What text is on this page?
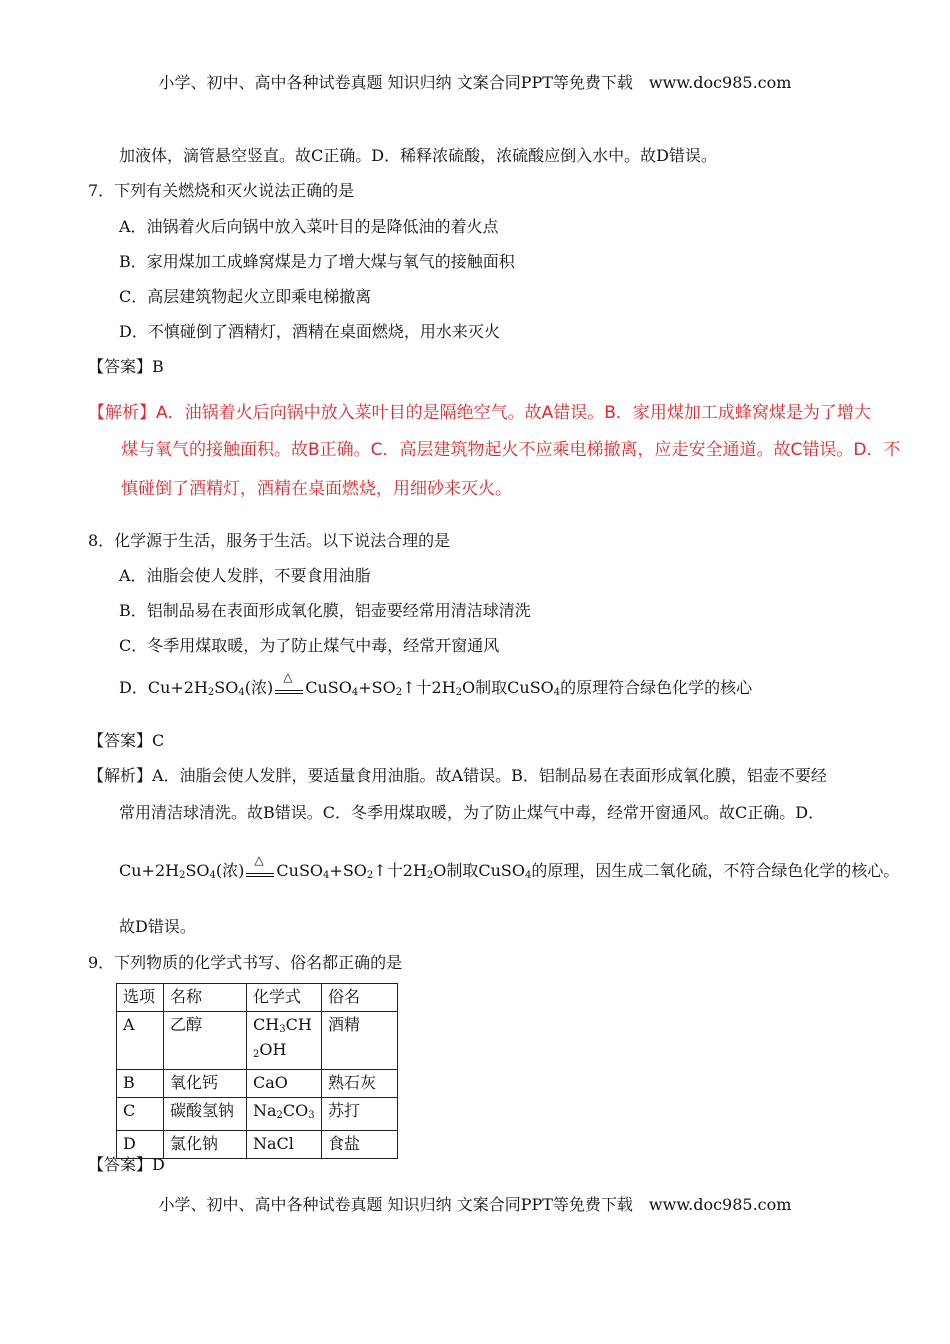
小学、初中、高中各种试卷真题 知识归纳 文案合同PPT等免费下载　www.doc985.com
加液体，滴管悬空竖直。故C正确。D．稀释浓硫酸，浓硫酸应倒入水中。故D错误。
7．下列有关燃烧和灭火说法正确的是
A．油锅着火后向锅中放入菜叶目的是降低油的着火点
B．家用煤加工成蜂窝煤是力了增大煤与氧气的接触面积
C．高层建筑物起火立即乘电梯撤离
D．不慎碰倒了酒精灯，酒精在桌面燃烧，用水来灭火
【答案】B
【解析】A．油锅着火后向锅中放入菜叶目的是隔绝空气。故A错误。B．家用煤加工成蜂窝煤是为了增大
煤与氧气的接触面积。故B正确。C．高层建筑物起火不应乘电梯撤离，应走安全通道。故C错误。D．不
慎碰倒了酒精灯，酒精在桌面燃烧，用细砂来灭火。
8．化学源于生活，服务于生活。以下说法合理的是
A．油脂会使人发胖，不要食用油脂
B．铝制品易在表面形成氧化膜，铝壶要经常用清洁球清洗
C．冬季用煤取暖，为了防止煤气中毒，经常开窗通风
D．$Cu+2H_2SO_4$(浓)
△
$CuSO_4+SO_2↑$十$2H_2O$制取CuSO$_4$的原理符合绿色化学的核心
【答案】C
【解析】A．油脂会使人发胖，要适量食用油脂。故A错误。B．铝制品易在表面形成氧化膜，铝壶不要经
常用清洁球清洗。故B错误。C．冬季用煤取暖，为了防止煤气中毒，经常开窗通风。故C正确。D．
$Cu+2H_2SO_4$(浓)
△
$CuSO_4+SO_2↑$十$2H_2O$制取CuSO$_4$的原理，因生成二氧化硫，不符合绿色化学的核心。
故D错误。
9．下列物质的化学式书写、俗名都正确的是
选项	名称	化学式	俗名
A	乙醇	$CH_3CH_2OH$	酒精
B	氧化钙	CaO	熟石灰
C	碳酸氢钠	$Na_2CO_3$	苏打
D	氯化钠	NaCl	食盐
【答案】D
小学、初中、高中各种试卷真题 知识归纳 文案合同PPT等免费下载　www.doc985.com
